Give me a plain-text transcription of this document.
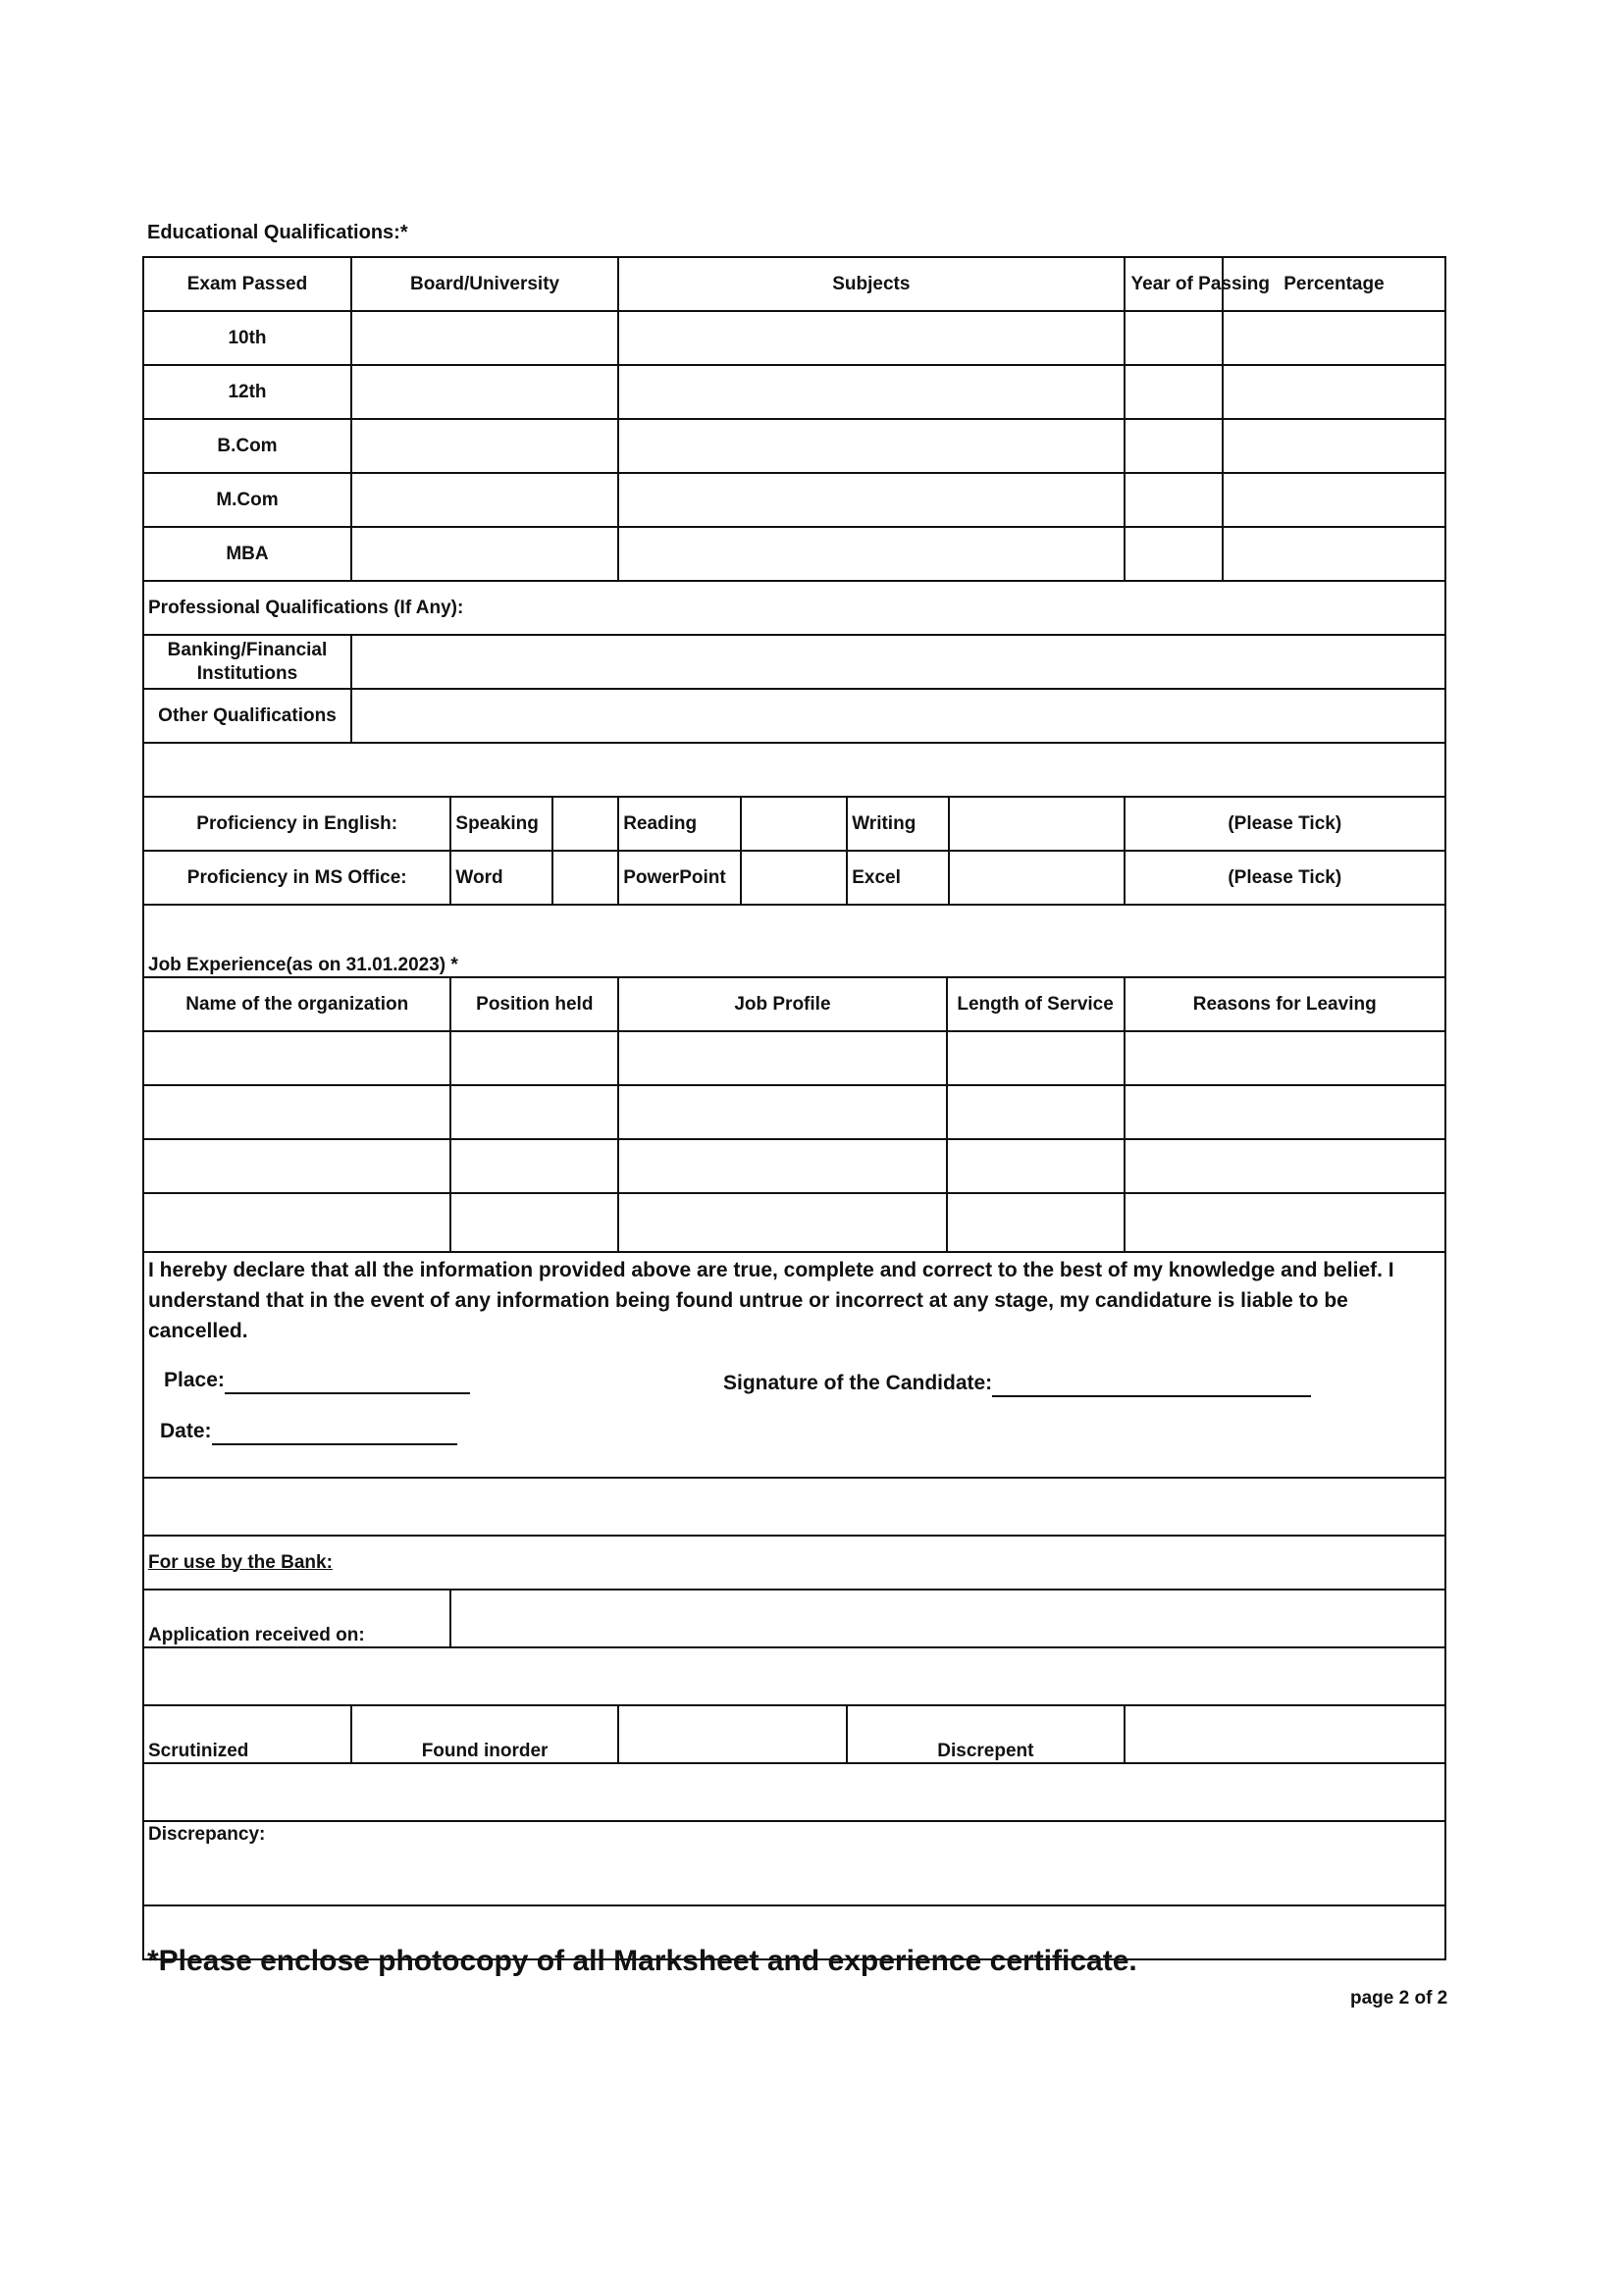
Educational Qualifications:*
Exam Passed	Board/University		Subjects			Year of Passing	Percentage
10th							
12th							
B.Com							
M.Com							
MBA							
Professional Qualifications (If Any):							
Banking/Financial
Institutions							
Other Qualifications							

Proficiency in English:		Speaking	Reading	Writing		(Please Tick)	
Proficiency in MS Office:		Word	PowerPoint	Excel		(Please Tick)	
Job Experience(as on 31.01.2023) *							
Name of the organization		Position held	Job Profile		Length of Service	Reasons for Leaving	

I hereby declare that all the information provided above are true, complete and correct to the best of my knowledge and belief. I understand that in the event of any information being found untrue or incorrect at any stage, my candidature is liable to be cancelled.
Place:
Date:
Signature of the Candidate:							

For use by the Bank:							
Application received on:							

Scrutinized	Found inorder			Discrepent			

Discrepancy:							

*Please enclose photocopy of all Marksheet and experience certificate.
page 2 of 2
